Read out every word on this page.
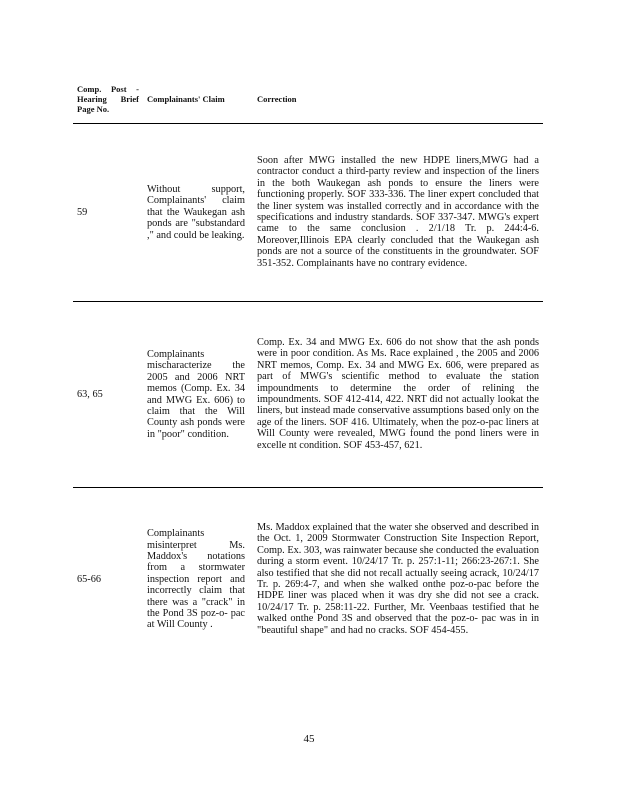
Comp. Post - Hearing Brief Page No.	Complainants' Claim	Correction
59	Without support, Complainants' claim that the Waukegan ash ponds are "substandard ," and could be leaking.	Soon after MWG installed the new HDPE liners,MWG had a contractor conduct a third-party review and inspection of the liners in the both Waukegan ash ponds to ensure the liners were functioning properly. SOF 333-336. The liner expert concluded that the liner system was installed correctly and in accordance with the specifications and industry standards. SOF 337-347. MWG's expert came to the same conclusion . 2/1/18 Tr. p. 244:4-6. Moreover,Illinois EPA clearly concluded that the Waukegan ash ponds are not a source of the constituents in the groundwater. SOF 351-352. Complainants have no contrary evidence.
63, 65	Complainants mischaracterize the 2005 and 2006 NRT memos (Comp. Ex. 34 and MWG Ex. 606) to claim that the Will County ash ponds were in "poor" condition.	Comp. Ex. 34 and MWG Ex. 606 do not show that the ash ponds were in poor condition. As Ms. Race explained , the 2005 and 2006 NRT memos, Comp. Ex. 34 and MWG Ex. 606, were prepared as part of MWG's scientific method to evaluate the station impoundments to determine the order of relining the impoundments. SOF 412-414, 422. NRT did not actually lookat the liners, but instead made conservative assumptions based only on the age of the liners. SOF 416. Ultimately, when the poz-o-pac liners at Will County were revealed, MWG found the pond liners were in excelle nt condition. SOF 453-457, 621.
65-66	Complainants misinterpret Ms. Maddox's notations from a stormwater inspection report and incorrectly claim that there was a "crack" in the Pond 3S poz-o- pac at Will County .	Ms. Maddox explained that the water she observed and described in the Oct. 1, 2009 Stormwater Construction Site Inspection Report, Comp. Ex. 303, was rainwater because she conducted the evaluation during a storm event. 10/24/17 Tr. p. 257:1-11; 266:23-267:1. She also testified that she did not recall actually seeing acrack, 10/24/17 Tr. p. 269:4-7, and when she walked onthe poz-o-pac before the HDPE liner was placed when it was dry she did not see a crack. 10/24/17 Tr. p. 258:11-22. Further, Mr. Veenbaas testified that he walked onthe Pond 3S and observed that the poz-o- pac was in in "beautiful shape" and had no cracks. SOF 454-455.
45
